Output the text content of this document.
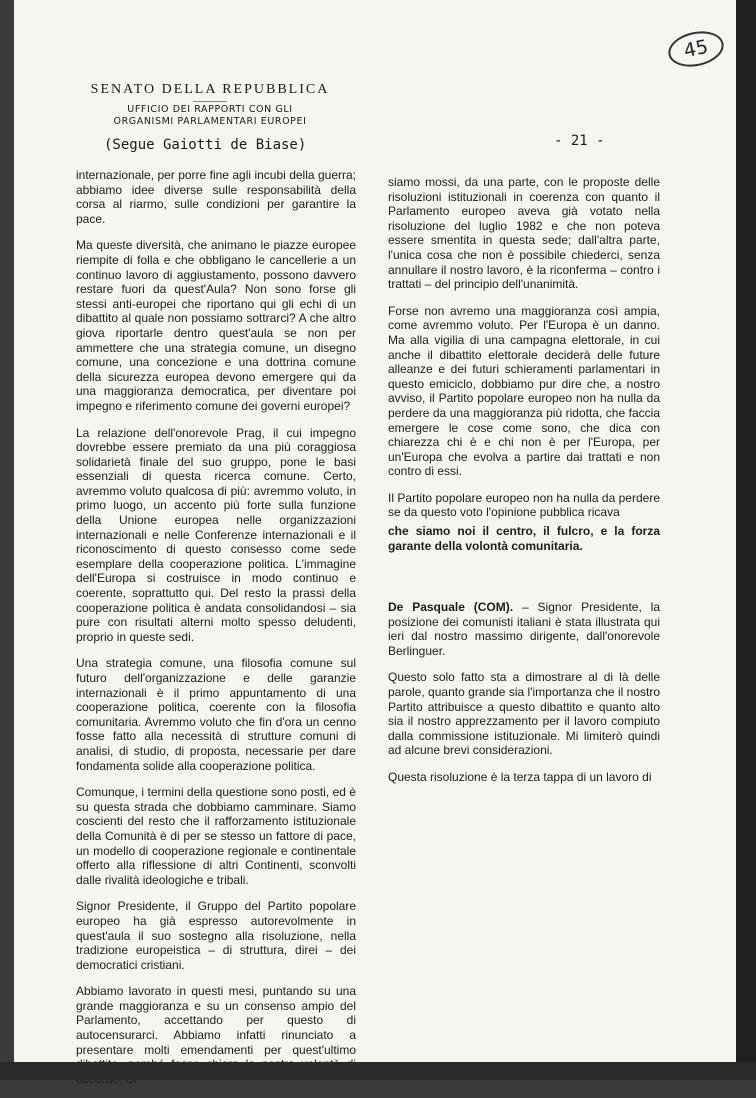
45
SENATO DELLA REPUBBLICA
UFFICIO DEI RAPPORTI CON GLI
ORGANISMI PARLAMENTARI EUROPEI
(Segue Gaiotti de Biase)	- 21 -

internazionale, per porre fine agli incubi della guerra; abbiamo idee diverse sulle responsabilità della corsa al riarmo, sulle condizioni per garantire la pace.

Ma queste diversità, che animano le piazze europee riempite di folla e che obbligano le cancellerie a un continuo lavoro di aggiustamento, possono davvero restare fuori da quest'Aula? Non sono forse gli stessi anti-europei che riportano qui gli echi di un dibattito al quale non possiamo sottrarci? A che altro giova riportarle dentro quest'aula se non per ammettere che una strategia comune, un disegno comune, una concezione e una dottrina comune della sicurezza europea devono emergere qui da una maggioranza democratica, per diventare poi impegno e riferimento comune dei governi europei?

La relazione dell'onorevole Prag, il cui impegno dovrebbe essere premiato da una più coraggiosa solidarietà finale del suo gruppo, pone le basi essenziali di questa ricerca comune. Certo, avremmo voluto qualcosa di più: avremmo voluto, in primo luogo, un accento più forte sulla funzione della Unione europea nelle organizzazioni internazionali e nelle Conferenze internazionali e il riconoscimento di questo consesso come sede esemplare della cooperazione politica. L'immagine dell'Europa si costruisce in modo continuo e coerente, soprattutto qui. Del resto la prassi della cooperazione politica è andata consolidandosi – sia pure con risultati alterni molto spesso deludenti, proprio in queste sedi.

Una strategia comune, una filosofia comune sul futuro dell'organizzazione e delle garanzie internazionali è il primo appuntamento di una cooperazione politica, coerente con la filosofia comunitaria. Avremmo voluto che fin d'ora un cenno fosse fatto alla necessità di strutture comuni di analisi, di studio, di proposta, necessarie per dare fondamenta solide alla cooperazione politica.

Comunque, i termini della questione sono posti, ed è su questa strada che dobbiamo camminare. Siamo coscienti del resto che il rafforzamento istituzionale della Comunità è di per se stesso un fattore di pace, un modello di cooperazione regionale e continentale offerto alla riflessione di altri Continenti, sconvolti dalle rivalità ideologiche e tribali.

Signor Presidente, il Gruppo del Partito popolare europeo ha già espresso autorevolmente in quest'aula il suo sostegno alla risoluzione, nella tradizione europeistica – di struttura, direi – dei democratici cristiani.

Abbiamo lavorato in questi mesi, puntando su una grande maggioranza e su un consenso ampio del Parlamento, accettando per questo di autocensurarci. Abbiamo infatti rinunciato a presentare molti emendamenti per quest'ultimo

siamo mossi, da una parte, con le proposte delle risoluzioni istituzionali in coerenza con quanto il Parlamento europeo aveva già votato nella risoluzione del luglio 1982 e che non poteva essere smentita in questa sede; dall'altra parte, l'unica cosa che non è possibile chiederci, senza annullare il nostro lavoro, è la riconferma – contro i trattati – del principio dell'unanimità.

Forse non avremo una maggioranza così ampia, come avremmo voluto. Per l'Europa è un danno. Ma alla vigilia di una campagna elettorale, in cui anche il dibattito elettorale deciderà delle future alleanze e dei futuri schieramenti parlamentari in questo emiciclo, dobbiamo pur dire che, a nostro avviso, il Partito popolare europeo non ha nulla da perdere da una maggioranza più ridotta, che faccia emergere le cose come sono, che dica con chiarezza chi è e chi non è per l'Europa, per un'Europa che evolva a partire dai trattati e non contro di essi.

Il Partito popolare europeo non ha nulla da perdere se da questo voto l'opinione pubblica ricava

che siamo noi il centro, il fulcro, e la forza garante della volontà comunitaria.

De Pasquale (COM). – Signor Presidente, la posizione dei comunisti italiani è stata illustrata qui ieri dal nostro massimo dirigente, dall'onorevole Berlinguer.

Questo solo fatto sta a dimostrare al di là delle parole, quanto grande sia l'importanza che il nostro Partito attribuisce a questo dibattito e quanto alto sia il nostro apprezzamento per il lavoro compiuto dalla commissione istituzionale. Mi limiterò quindi ad alcune brevi considerazioni.

Questa risoluzione è la terza tappa di un lavoro di
